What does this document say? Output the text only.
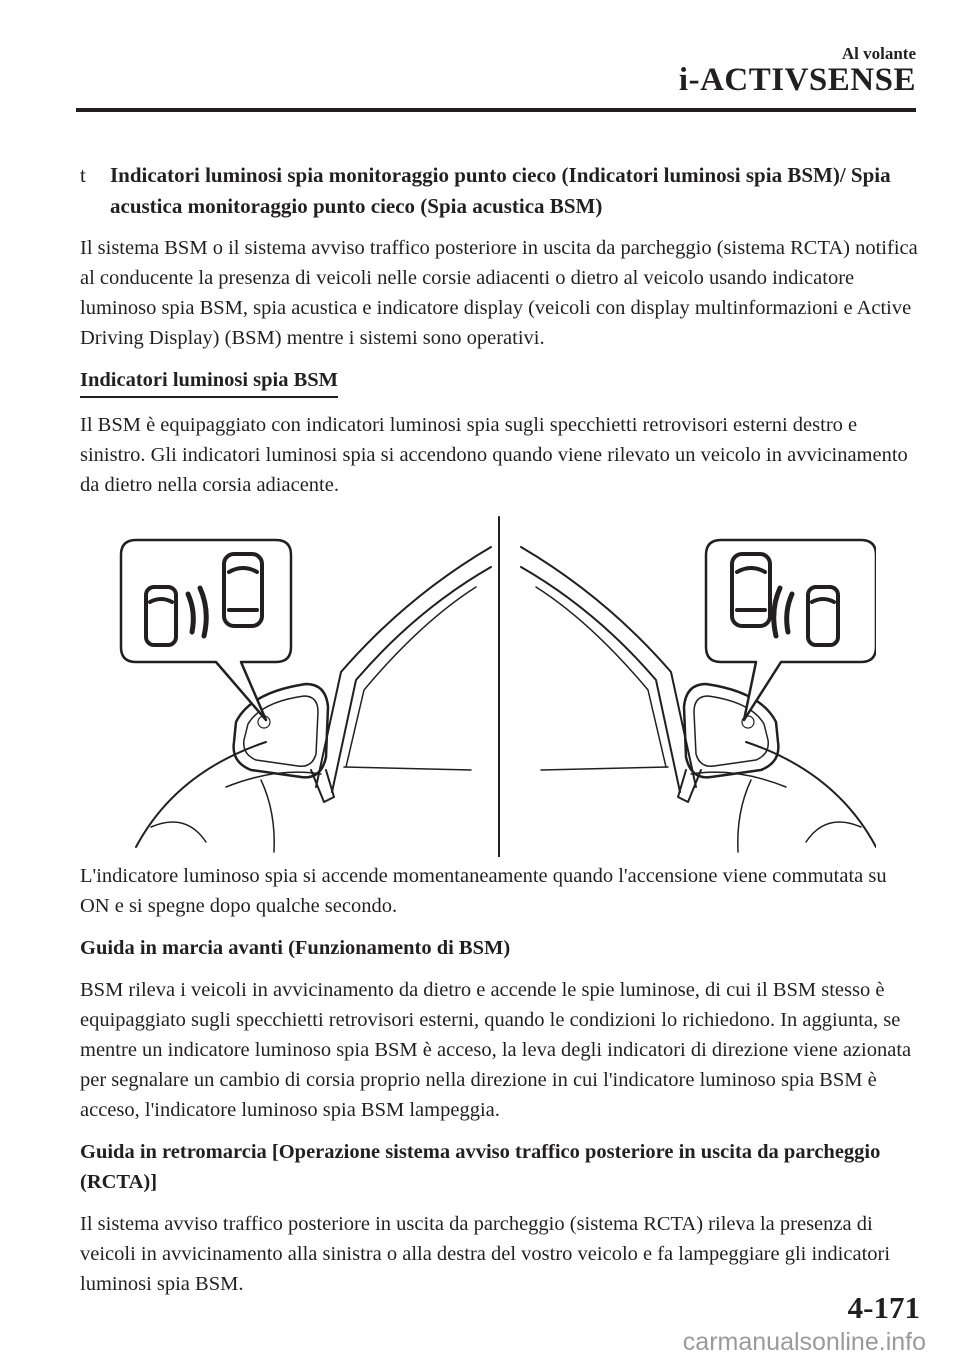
Al volante
i-ACTIVSENSE
t Indicatori luminosi spia monitoraggio punto cieco (Indicatori luminosi spia BSM)/ Spia acustica monitoraggio punto cieco (Spia acustica BSM)

Il sistema BSM o il sistema avviso traffico posteriore in uscita da parcheggio (sistema RCTA) notifica al conducente la presenza di veicoli nelle corsie adiacenti o dietro al veicolo usando indicatore luminoso spia BSM, spia acustica e indicatore display (veicoli con display multinformazioni e Active Driving Display) (BSM) mentre i sistemi sono operativi.

Indicatori luminosi spia BSM

Il BSM è equipaggiato con indicatori luminosi spia sugli specchietti retrovisori esterni destro e sinistro. Gli indicatori luminosi spia si accendono quando viene rilevato un veicolo in avvicinamento da dietro nella corsia adiacente.

L'indicatore luminoso spia si accende momentaneamente quando l'accensione viene commutata su ON e si spegne dopo qualche secondo.

Guida in marcia avanti (Funzionamento di BSM)

BSM rileva i veicoli in avvicinamento da dietro e accende le spie luminose, di cui il BSM stesso è equipaggiato sugli specchietti retrovisori esterni, quando le condizioni lo richiedono. In aggiunta, se mentre un indicatore luminoso spia BSM è acceso, la leva degli indicatori di direzione viene azionata per segnalare un cambio di corsia proprio nella direzione in cui l'indicatore luminoso spia BSM è acceso, l'indicatore luminoso spia BSM lampeggia.

Guida in retromarcia [Operazione sistema avviso traffico posteriore in uscita da parcheggio (RCTA)]

Il sistema avviso traffico posteriore in uscita da parcheggio (sistema RCTA) rileva la presenza di veicoli in avvicinamento alla sinistra o alla destra del vostro veicolo e fa lampeggiare gli indicatori luminosi spia BSM.

4-171
carmanualsonline.info
